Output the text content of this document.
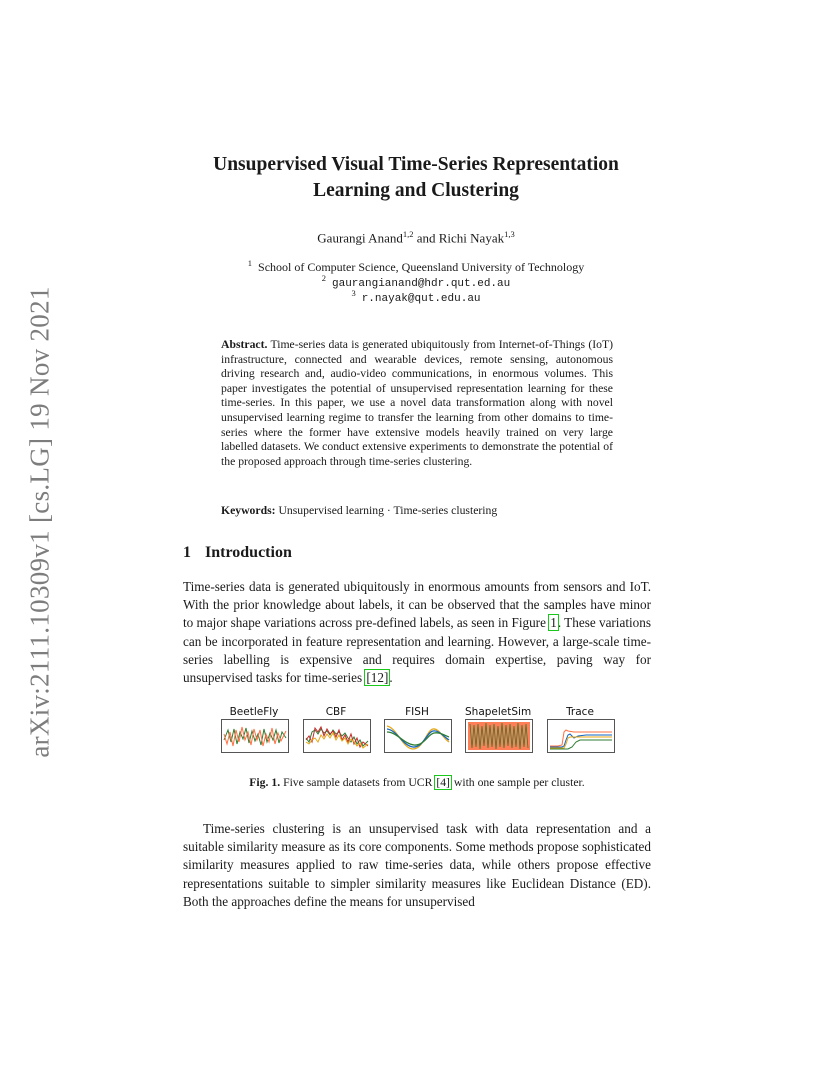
arXiv:2111.10309v1 [cs.LG] 19 Nov 2021
Unsupervised Visual Time-Series Representation
Learning and Clustering
Gaurangi Anand$^{1,2}$ and Richi Nayak$^{1,3}$
$^1$ School of Computer Science, Queensland University of Technology
$^2$ gaurangianand@hdr.qut.ed.au
$^3$ r.nayak@qut.edu.au

Abstract. Time-series data is generated ubiquitously from Internet-of-Things (IoT) infrastructure, connected and wearable devices, remote sensing, autonomous driving research and, audio-video communications, in enormous volumes. This paper investigates the potential of unsupervised representation learning for these time-series. In this paper, we use a novel data transformation along with novel unsupervised learning regime to transfer the learning from other domains to time-series where the former have extensive models heavily trained on very large labelled datasets. We conduct extensive experiments to demonstrate the potential of the proposed approach through time-series clustering.

Keywords: Unsupervised learning · Time-series clustering
1 Introduction

Time-series data is generated ubiquitously in enormous amounts from sensors and IoT. With the prior knowledge about labels, it can be observed that the samples have minor to major shape variations across pre-defined labels, as seen in Figure 1. These variations can be incorporated in feature representation and learning. However, a large-scale time-series labelling is expensive and requires domain expertise, paving way for unsupervised tasks for time-series [12].

BeetleFly	CBF	FISH	ShapeletSim	Trace
Fig. 1. Five sample datasets from UCR [4] with one sample per cluster.

Time-series clustering is an unsupervised task with data representation and a suitable similarity measure as its core components. Some methods propose sophisticated similarity measures applied to raw time-series data, while others propose effective representations suitable to simpler similarity measures like Euclidean Distance (ED). Both the approaches define the means for unsupervised
